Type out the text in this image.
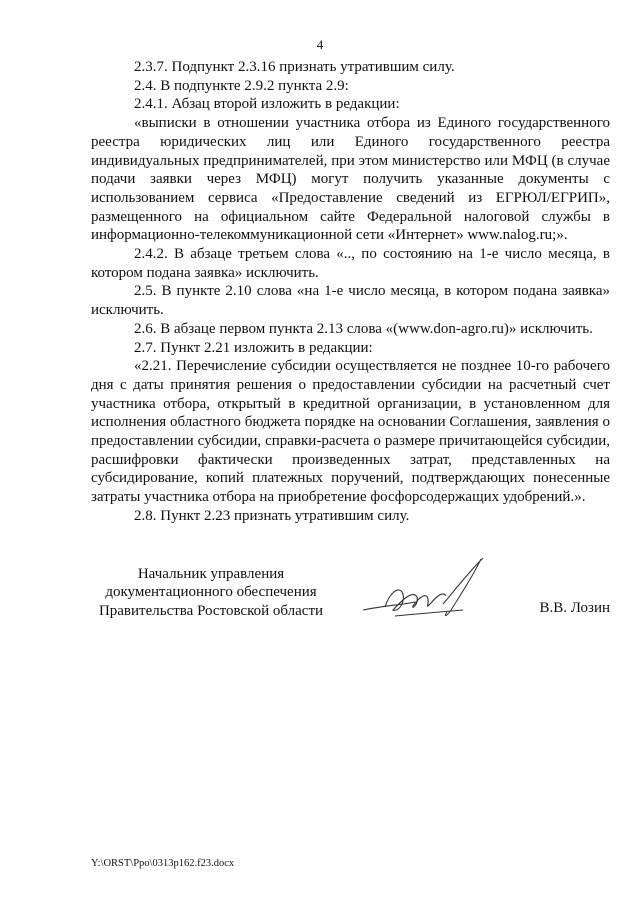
4

2.3.7. Подпункт 2.3.16 признать утратившим силу.

2.4. В подпункте 2.9.2 пункта 2.9:

2.4.1. Абзац второй изложить в редакции:

«выписки в отношении участника отбора из Единого государственного реестра юридических лиц или Единого государственного реестра индивидуальных предпринимателей, при этом министерство или МФЦ (в случае подачи заявки через МФЦ) могут получить указанные документы с использованием сервиса «Предоставление сведений из ЕГРЮЛ/ЕГРИП», размещенного на официальном сайте Федеральной налоговой службы в информационно-телекоммуникационной сети «Интернет» www.nalog.ru;».

2.4.2. В абзаце третьем слова «.., по состоянию на 1-е число месяца, в котором подана заявка» исключить.

2.5. В пункте 2.10 слова «на 1-е число месяца, в котором подана заявка» исключить.

2.6. В абзаце первом пункта 2.13 слова «(www.don-agro.ru)» исключить.

2.7. Пункт 2.21 изложить в редакции:

«2.21. Перечисление субсидии осуществляется не позднее 10-го рабочего дня с даты принятия решения о предоставлении субсидии на расчетный счет участника отбора, открытый в кредитной организации, в установленном для исполнения областного бюджета порядке на основании Соглашения, заявления о предоставлении субсидии, справки-расчета о размере причитающейся субсидии, расшифровки фактически произведенных затрат, представленных на субсидирование, копий платежных поручений, подтверждающих понесенные затраты участника отбора на приобретение фосфорсодержащих удобрений.».

2.8. Пункт 2.23 признать утратившим силу.

Начальник управления
документационного обеспечения
Правительства Ростовской области	В.В. Лозин
Y:\ORST\Ppo\0313p162.f23.docx
